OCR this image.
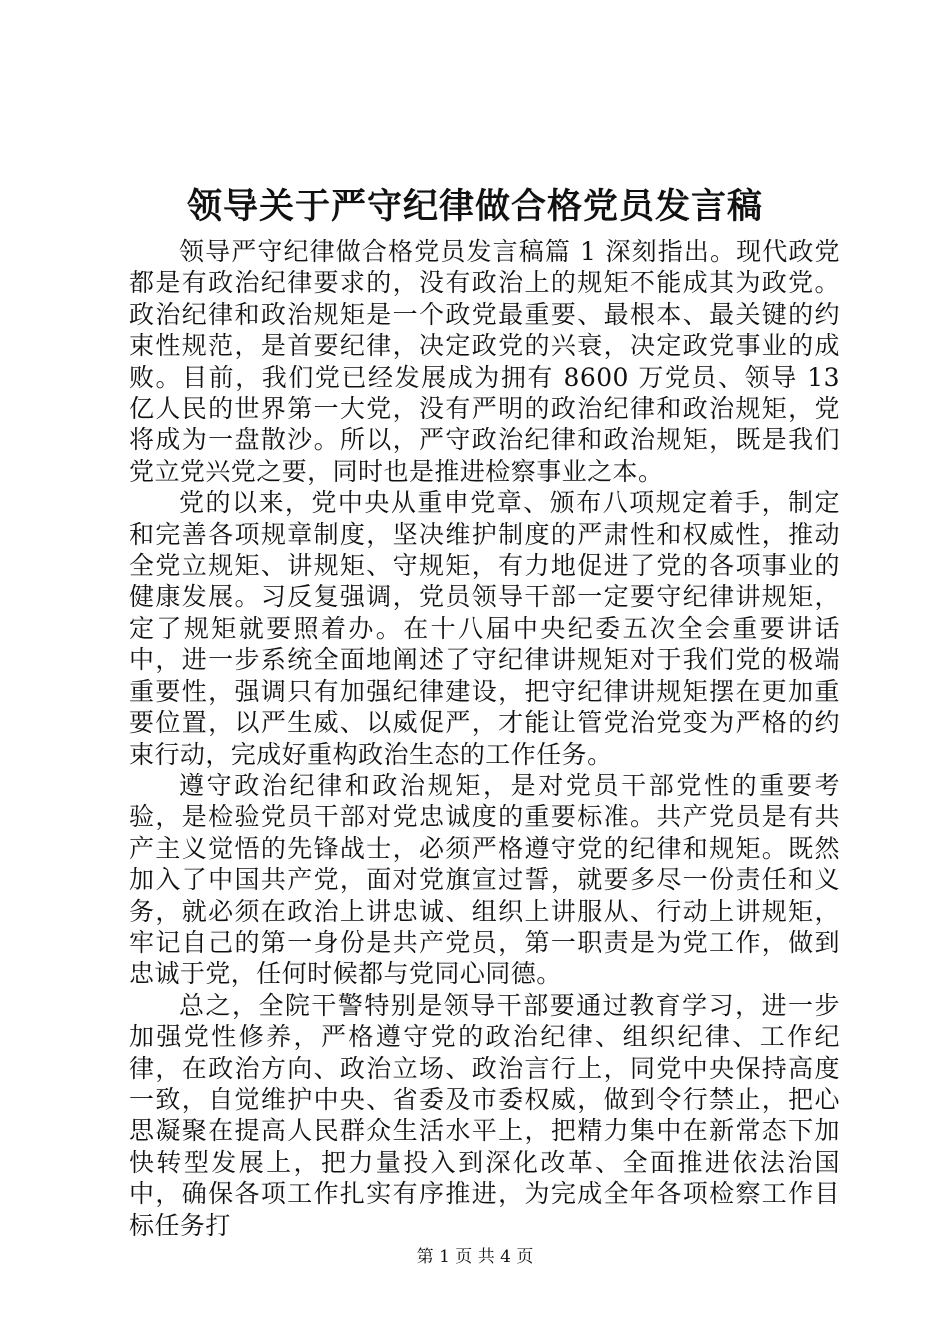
领导关于严守纪律做合格党员发言稿

领导严守纪律做合格党员发言稿篇 1 深刻指出。现代政党都是有政治纪律要求的，没有政治上的规矩不能成其为政党。政治纪律和政治规矩是一个政党最重要、最根本、最关键的约束性规范，是首要纪律，决定政党的兴衰，决定政党事业的成败。目前，我们党已经发展成为拥有 8600 万党员、领导 13 亿人民的世界第一大党，没有严明的政治纪律和政治规矩，党将成为一盘散沙。所以，严守政治纪律和政治规矩，既是我们党立党兴党之要，同时也是推进检察事业之本。

党的以来，党中央从重申党章、颁布八项规定着手，制定和完善各项规章制度，坚决维护制度的严肃性和权威性，推动全党立规矩、讲规矩、守规矩，有力地促进了党的各项事业的健康发展。习反复强调，党员领导干部一定要守纪律讲规矩，定了规矩就要照着办。在十八届中央纪委五次全会重要讲话中，进一步系统全面地阐述了守纪律讲规矩对于我们党的极端重要性，强调只有加强纪律建设，把守纪律讲规矩摆在更加重要位置，以严生威、以威促严，才能让管党治党变为严格的约束行动，完成好重构政治生态的工作任务。

遵守政治纪律和政治规矩，是对党员干部党性的重要考验，是检验党员干部对党忠诚度的重要标准。共产党员是有共产主义觉悟的先锋战士，必须严格遵守党的纪律和规矩。既然加入了中国共产党，面对党旗宣过誓，就要多尽一份责任和义务，就必须在政治上讲忠诚、组织上讲服从、行动上讲规矩，牢记自己的第一身份是共产党员，第一职责是为党工作，做到忠诚于党，任何时候都与党同心同德。

总之，全院干警特别是领导干部要通过教育学习，进一步加强党性修养，严格遵守党的政治纪律、组织纪律、工作纪律，在政治方向、政治立场、政治言行上，同党中央保持高度一致，自觉维护中央、省委及市委权威，做到令行禁止，把心思凝聚在提高人民群众生活水平上，把精力集中在新常态下加快转型发展上，把力量投入到深化改革、全面推进依法治国中，确保各项工作扎实有序推进，为完成全年各项检察工作目标任务打

第 1 页 共 4 页
